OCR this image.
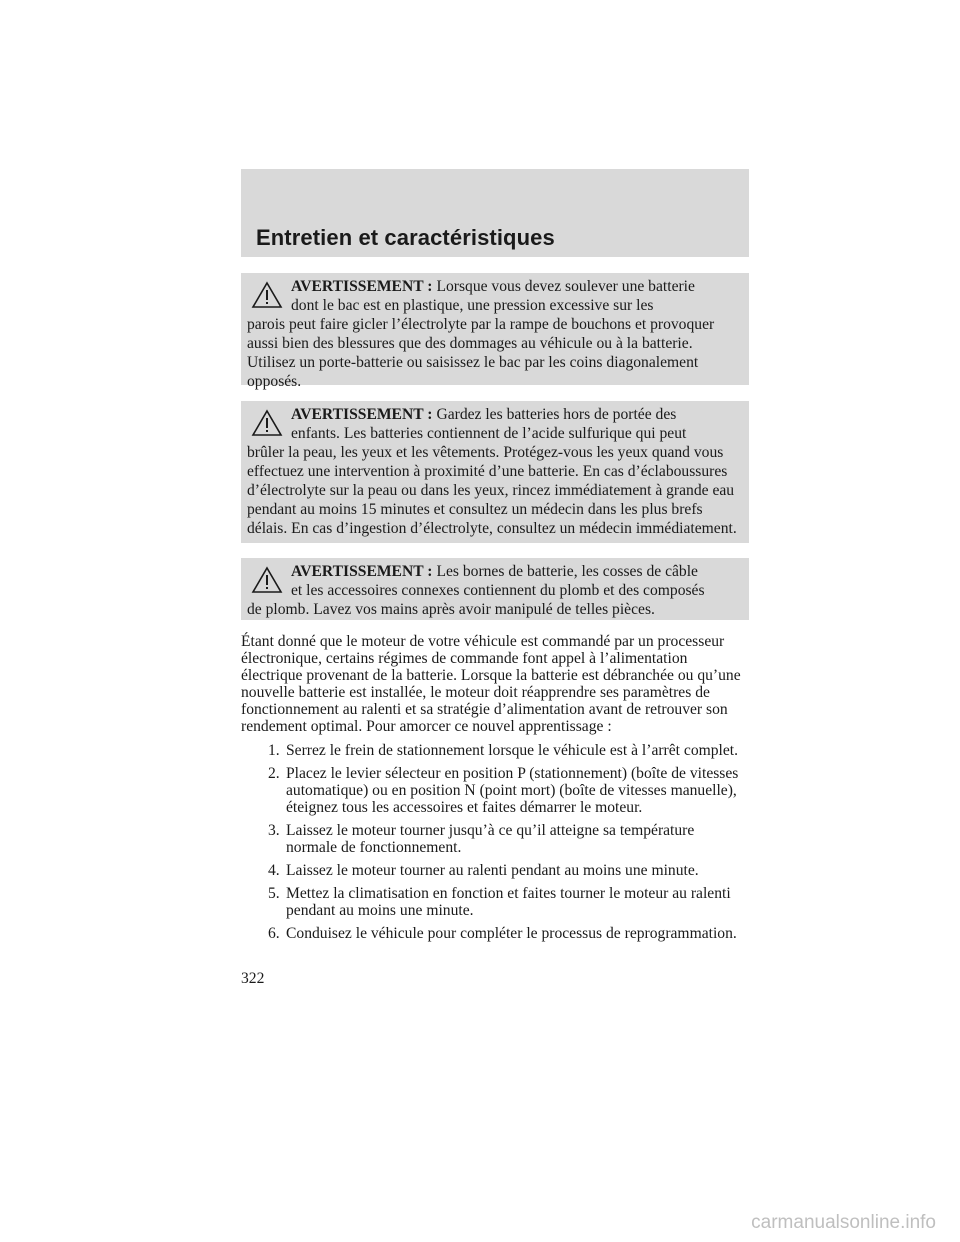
Entretien et caractéristiques
AVERTISSEMENT : Lorsque vous devez soulever une batterie

dont le bac est en plastique, une pression excessive sur les

parois peut faire gicler l’électrolyte par la rampe de bouchons et provoquer aussi bien des blessures que des dommages au véhicule ou à la batterie. Utilisez un porte-batterie ou saisissez le bac par les coins diagonalement opposés.

AVERTISSEMENT : Gardez les batteries hors de portée des

enfants. Les batteries contiennent de l’acide sulfurique qui peut

brûler la peau, les yeux et les vêtements. Protégez-vous les yeux quand vous effectuez une intervention à proximité d’une batterie. En cas d’éclaboussures d’électrolyte sur la peau ou dans les yeux, rincez immédiatement à grande eau pendant au moins 15 minutes et consultez un médecin dans les plus brefs délais. En cas d’ingestion d’électrolyte, consultez un médecin immédiatement.

AVERTISSEMENT : Les bornes de batterie, les cosses de câble

et les accessoires connexes contiennent du plomb et des composés

de plomb. Lavez vos mains après avoir manipulé de telles pièces.

Étant donné que le moteur de votre véhicule est commandé par un processeur électronique, certains régimes de commande font appel à l’alimentation électrique provenant de la batterie. Lorsque la batterie est débranchée ou qu’une nouvelle batterie est installée, le moteur doit réapprendre ses paramètres de fonctionnement au ralenti et sa stratégie d’alimentation avant de retrouver son rendement optimal. Pour amorcer ce nouvel apprentissage :

1. Serrez le frein de stationnement lorsque le véhicule est à l’arrêt complet.
2. Placez le levier sélecteur en position P (stationnement) (boîte de vitesses automatique) ou en position N (point mort) (boîte de vitesses manuelle), éteignez tous les accessoires et faites démarrer le moteur.
3. Laissez le moteur tourner jusqu’à ce qu’il atteigne sa température normale de fonctionnement.
4. Laissez le moteur tourner au ralenti pendant au moins une minute.
5. Mettez la climatisation en fonction et faites tourner le moteur au ralenti pendant au moins une minute.
6. Conduisez le véhicule pour compléter le processus de reprogrammation.

322

carmanualsonline.info
